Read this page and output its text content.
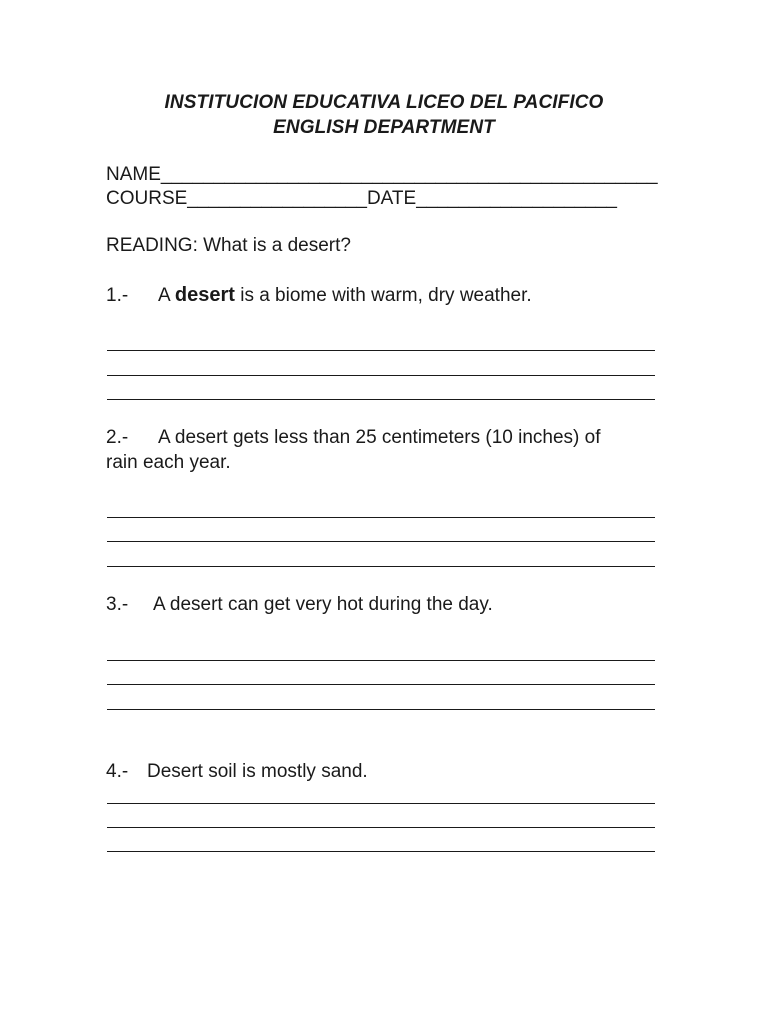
INSTITUCION EDUCATIVA LICEO DEL PACIFICO
ENGLISH DEPARTMENT
NAME_______________________________________________
COURSE_________________DATE___________________
READING: What is a desert?
1.- A desert is a biome with warm, dry weather.
2.- A desert gets less than 25 centimeters (10 inches) of
rain each year.
3.- A desert can get very hot during the day.
4.- Desert soil is mostly sand.
